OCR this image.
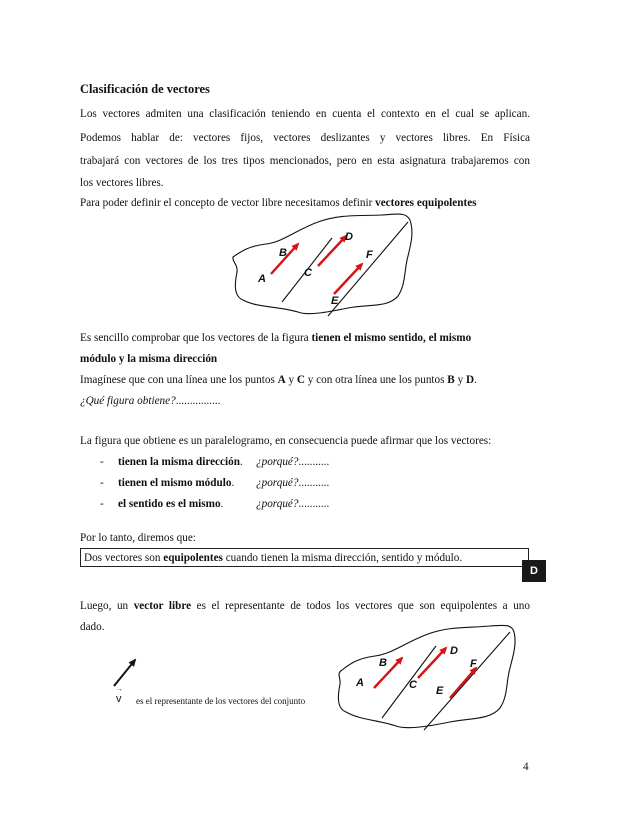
Clasificación de vectores
Los vectores admiten una clasificación teniendo en cuenta el contexto en el cual se aplican.
Podemos hablar de: vectores fijos, vectores deslizantes y vectores libres. En Física
trabajará con vectores de los tres tipos mencionados, pero en esta asignatura trabajaremos con
los vectores libres.
Para poder definir el concepto de vector libre necesitamos definir vectores equipolentes
A
B
C
D
E
F
Es sencillo comprobar que los vectores de la figura tienen el mismo sentido, el mismo
módulo y la misma dirección
Imagínese que con una línea une los puntos A y C y con otra línea une los puntos B y D.
¿Qué figura obtiene?................
La figura que obtiene es un paralelogramo, en consecuencia puede afirmar que los vectores:
- tienen la misma dirección. ¿porqué?...........
- tienen el mismo módulo. ¿porqué?...........
- el sentido es el mismo.	¿porqué?...........
Por lo tanto, diremos que:
Dos vectores son equipolentes cuando tienen la misma dirección, sentido y módulo.
D
Luego, un vector libre es el representante de todos los vectores que son equipolentes a uno
dado.
→
v es el representante de los vectores del conjunto
A
B
C
D
E
F
4
